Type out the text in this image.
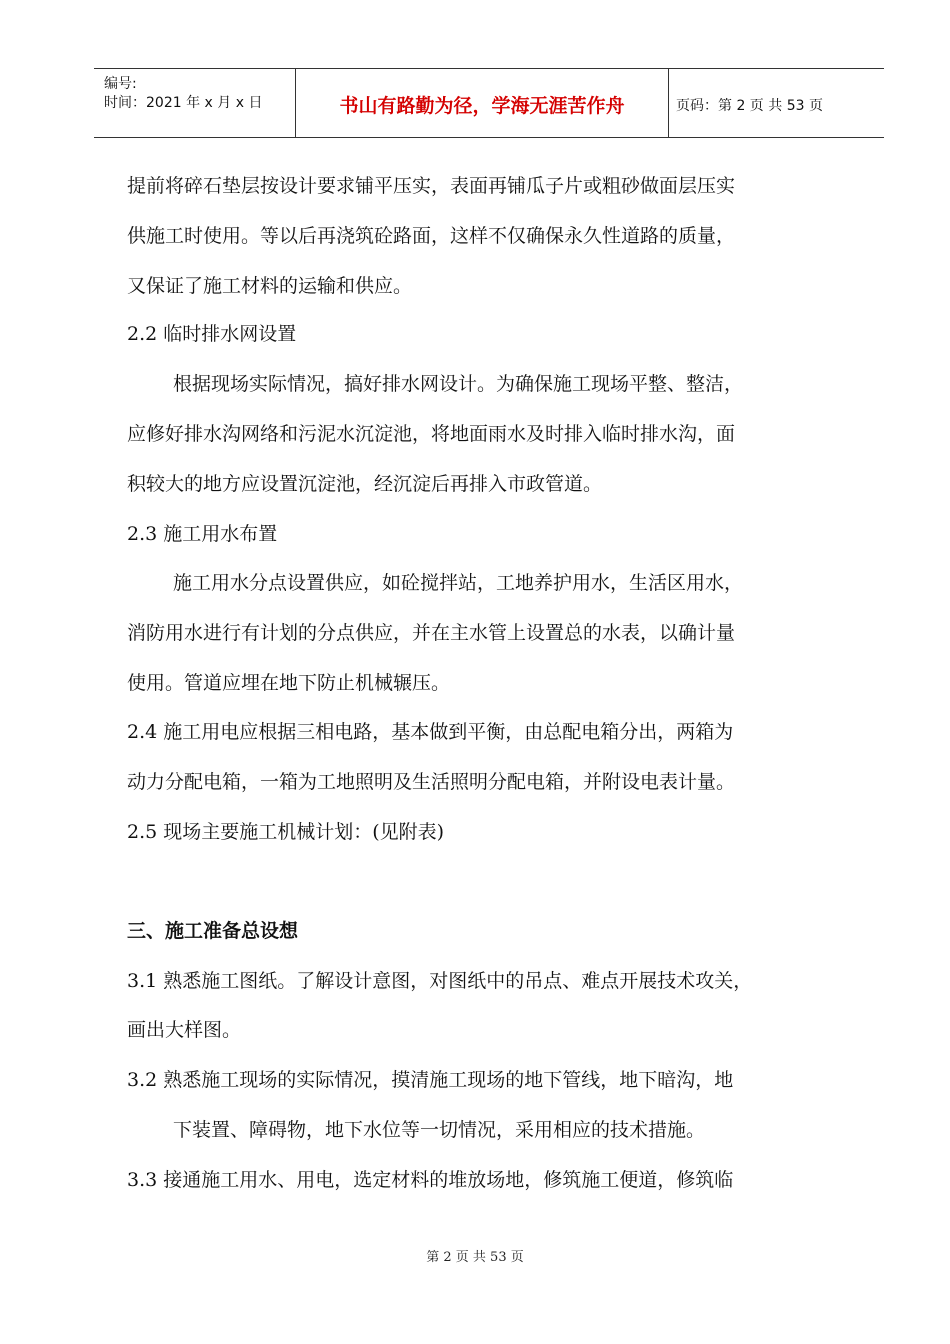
编号:
时间：2021 年 x 月 x 日	书山有路勤为径，学海无涯苦作舟	页码：第 2 页 共 53 页

提前将碎石垫层按设计要求铺平压实，表面再铺瓜子片或粗砂做面层压实

供施工时使用。等以后再浇筑砼路面，这样不仅确保永久性道路的质量，

又保证了施工材料的运输和供应。

2.2 临时排水网设置

根据现场实际情况，搞好排水网设计。为确保施工现场平整、整洁，

应修好排水沟网络和污泥水沉淀池，将地面雨水及时排入临时排水沟，面

积较大的地方应设置沉淀池，经沉淀后再排入市政管道。

2.3 施工用水布置

施工用水分点设置供应，如砼搅拌站，工地养护用水，生活区用水，

消防用水进行有计划的分点供应，并在主水管上设置总的水表，以确计量

使用。管道应埋在地下防止机械辗压。

2.4 施工用电应根据三相电路，基本做到平衡，由总配电箱分出，两箱为

动力分配电箱，一箱为工地照明及生活照明分配电箱，并附设电表计量。

2.5 现场主要施工机械计划：(见附表)

三、施工准备总设想

3.1 熟悉施工图纸。了解设计意图，对图纸中的吊点、难点开展技术攻关，

画出大样图。

3.2 熟悉施工现场的实际情况，摸清施工现场的地下管线，地下暗沟，地

下装置、障碍物，地下水位等一切情况，采用相应的技术措施。

3.3 接通施工用水、用电，选定材料的堆放场地，修筑施工便道，修筑临

第 2 页 共 53 页
